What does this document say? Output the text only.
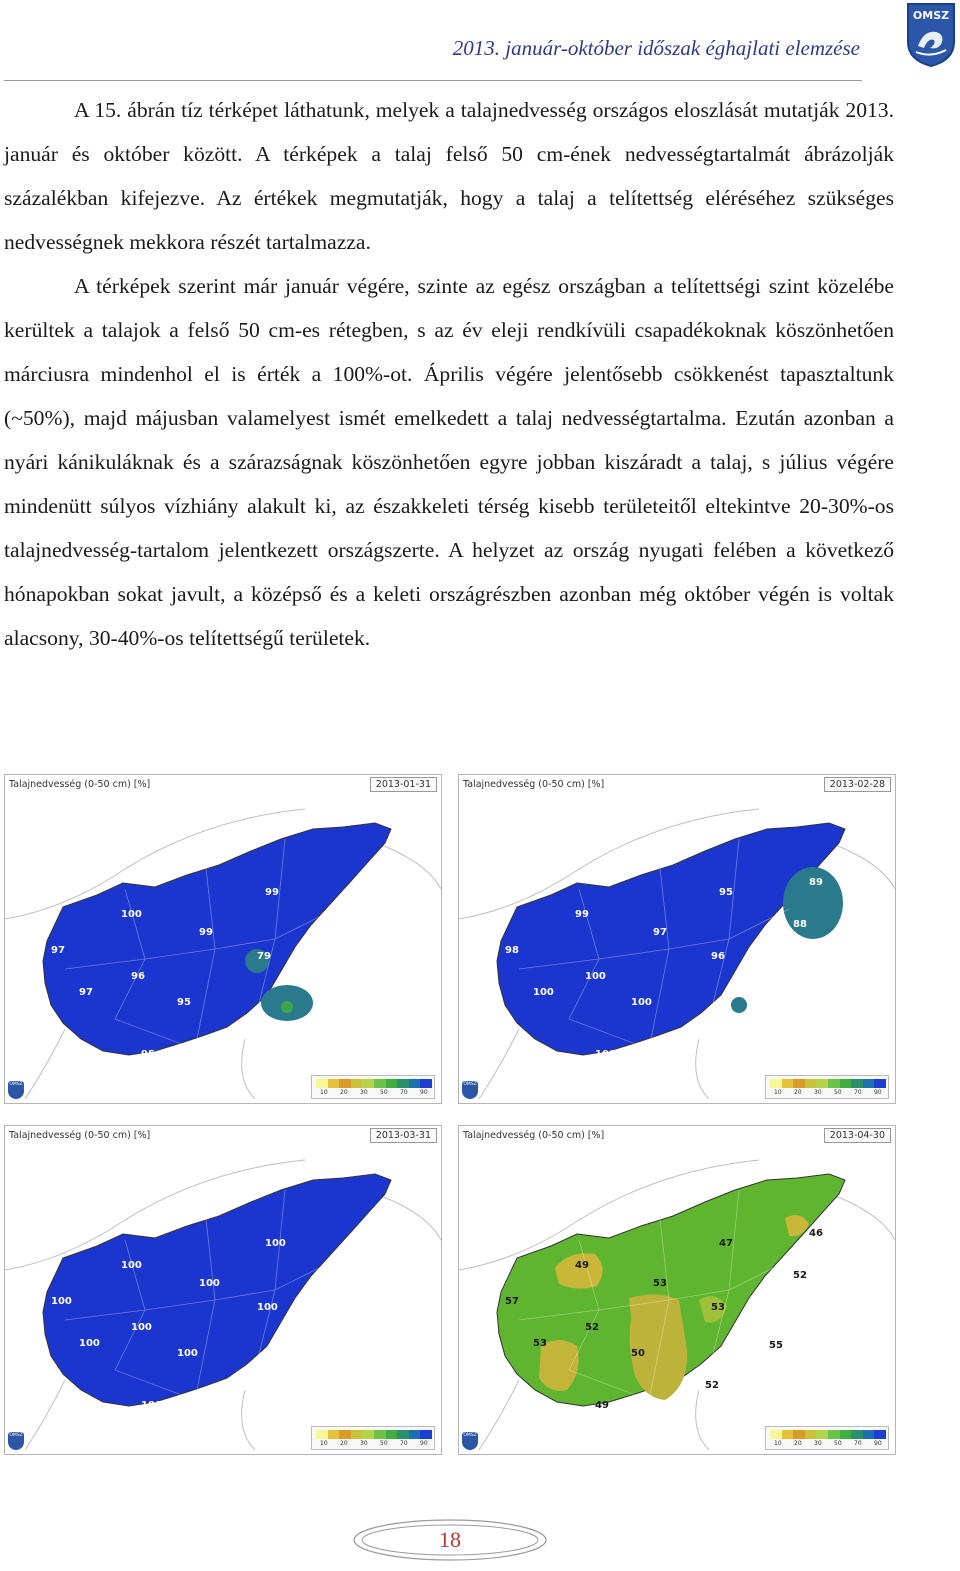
2013. január-október időszak éghajlati elemzése
OMSZ

A 15. ábrán tíz térképet láthatunk, melyek a talajnedvesség országos eloszlását mutatják 2013. január és október között. A térképek a talaj felső 50 cm-ének nedvességtartalmát ábrázolják százalékban kifejezve. Az értékek megmutatják, hogy a talaj a telítettség eléréséhez szükséges nedvességnek mekkora részét tartalmazza.

A térképek szerint már január végére, szinte az egész országban a telítettségi szint közelébe kerültek a talajok a felső 50 cm-es rétegben, s az év eleji rendkívüli csapadékoknak köszönhetően márciusra mindenhol el is érték a 100%-ot. Április végére jelentősebb csökkenést tapasztaltunk (~50%), majd májusban valamelyest ismét emelkedett a talaj nedvességtartalma. Ezután azonban a nyári kánikuláknak és a szárazságnak köszönhetően egyre jobban kiszáradt a talaj, s július végére mindenütt súlyos vízhiány alakult ki, az északkeleti térség kisebb területeitől eltekintve 20-30%-os talajnedvesség-tartalom jelentkezett országszerte. A helyzet az ország nyugati felében a következő hónapokban sokat javult, a középső és a keleti országrészben azonban még október végén is voltak alacsony, 30-40%-os telítettségű területek.

Talajnedvesség (0-50 cm) [%]	2013-01-31
97
100
99
99
100
100
79
96
97
95
100
98
95
OMSZ
10 20 30 50 70 90
Talajnedvesség (0-50 cm) [%]	2013-02-28
98
99
97
95
89
88
96
100
100
100
97
100
100
OMSZ
10 20 30 50 70 90
Talajnedvesség (0-50 cm) [%]	2013-03-31
100
100
100
100
100
100
100
100
100
100
100
100
100
OMSZ
10 20 30 50 70 90
Talajnedvesség (0-50 cm) [%]	2013-04-30
57
49
53
47
46
52
53
52
53
50
55
52
49
OMSZ
10 20 30 50 70 90
18
